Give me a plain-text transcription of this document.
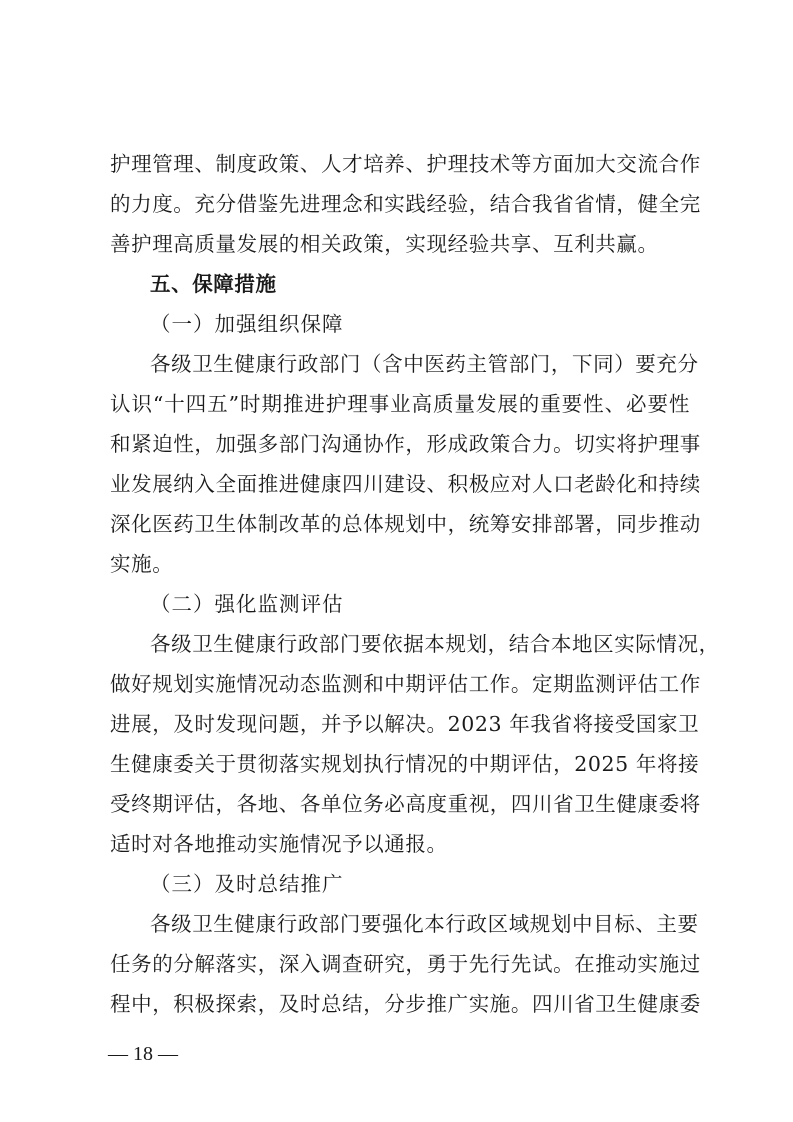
护理管理、制度政策、人才培养、护理技术等方面加大交流合作
的力度。充分借鉴先进理念和实践经验，结合我省省情，健全完
善护理高质量发展的相关政策，实现经验共享、互利共赢。
五、保障措施
（一）加强组织保障
各级卫生健康行政部门（含中医药主管部门，下同）要充分
认识“十四五”时期推进护理事业高质量发展的重要性、必要性
和紧迫性，加强多部门沟通协作，形成政策合力。切实将护理事
业发展纳入全面推进健康四川建设、积极应对人口老龄化和持续
深化医药卫生体制改革的总体规划中，统筹安排部署，同步推动
实施。
（二）强化监测评估
各级卫生健康行政部门要依据本规划，结合本地区实际情况，
做好规划实施情况动态监测和中期评估工作。定期监测评估工作
进展，及时发现问题，并予以解决。2023 年我省将接受国家卫
生健康委关于贯彻落实规划执行情况的中期评估，2025 年将接
受终期评估，各地、各单位务必高度重视，四川省卫生健康委将
适时对各地推动实施情况予以通报。
（三）及时总结推广
各级卫生健康行政部门要强化本行政区域规划中目标、主要
任务的分解落实，深入调查研究，勇于先行先试。在推动实施过
程中，积极探索，及时总结，分步推广实施。四川省卫生健康委
— 18 —
